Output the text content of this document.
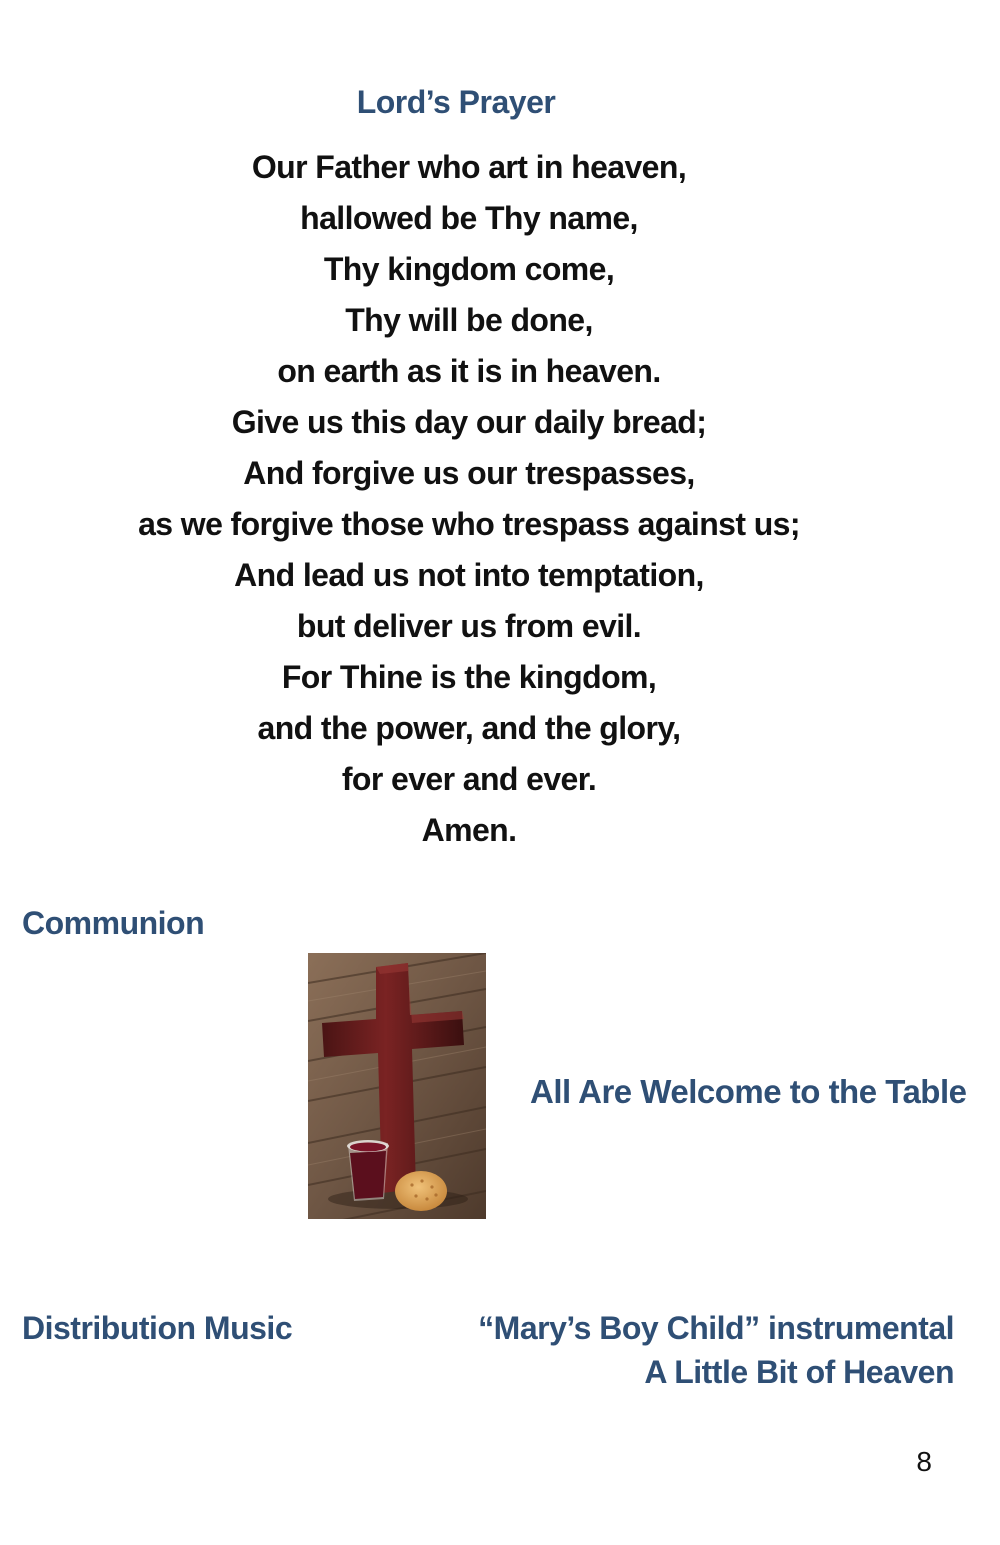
Lord’s Prayer
Our Father who art in heaven,
hallowed be Thy name,
Thy kingdom come,
Thy will be done,
on earth as it is in heaven.
Give us this day our daily bread;
And forgive us our trespasses,
as we forgive those who trespass against us;
And lead us not into temptation,
but deliver us from evil.
For Thine is the kingdom,
and the power, and the glory,
for ever and ever.
Amen.
Communion
All Are Welcome to the Table
Distribution Music	“Mary’s Boy Child” instrumental
A Little Bit of Heaven
8
